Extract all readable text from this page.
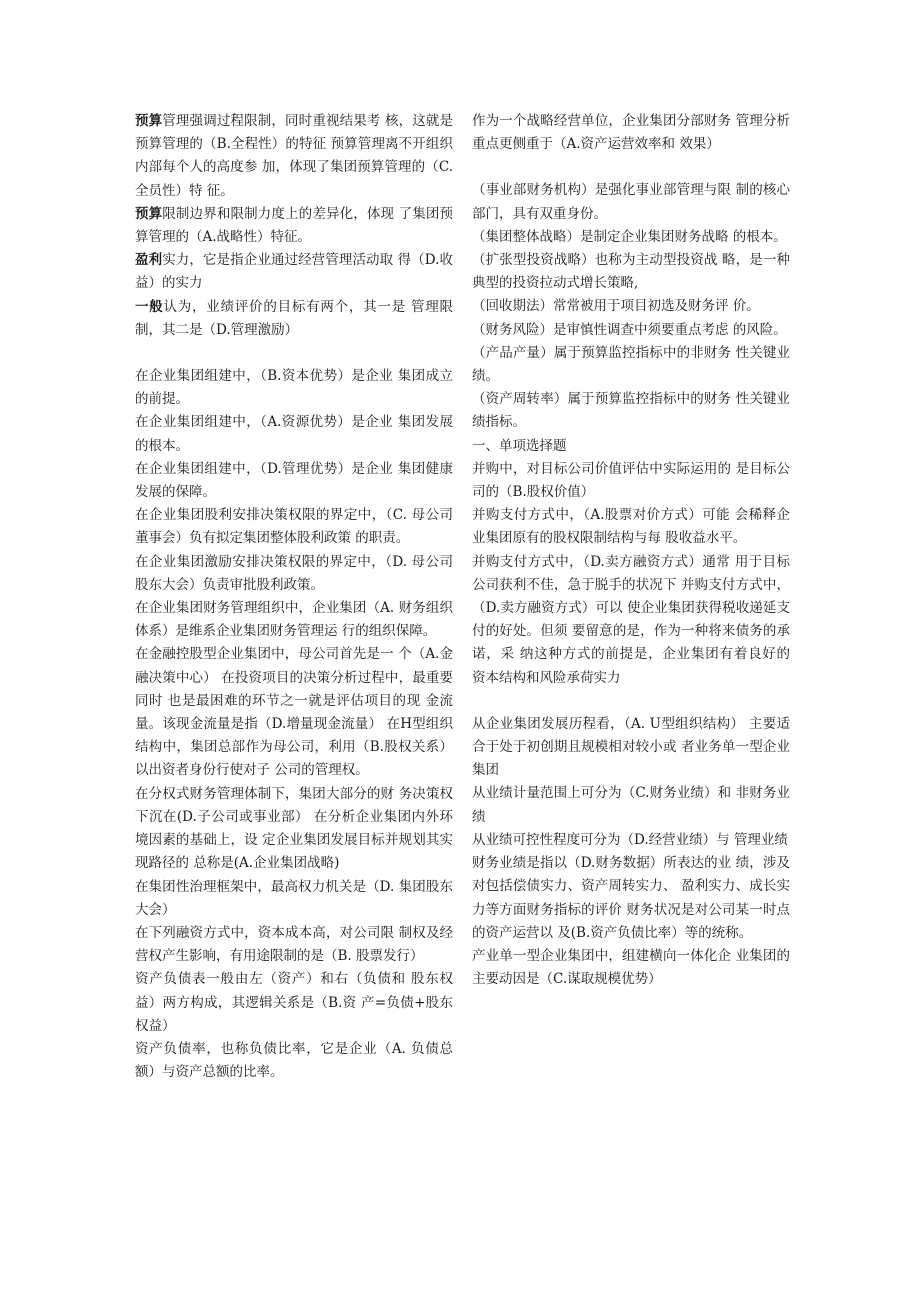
预算管理强调过程限制，同时重视结果考 核，这就是预算管理的（B.全程性）的特征 预算管理离不开组织内部每个人的高度参 加，体现了集团预算管理的（C.全员性）特 征。

预算限制边界和限制力度上的差异化，体现 了集团预算管理的（A.战略性）特征。

盈利实力，它是指企业通过经营管理活动取 得（D.收益）的实力

一般认为，业绩评价的目标有两个，其一是 管理限制，其二是（D.管理激励）

在企业集团组建中，（B.资本优势）是企业 集团成立的前提。

在企业集团组建中，（A.资源优势）是企业 集团发展的根本。

在企业集团组建中，（D.管理优势）是企业 集团健康发展的保障。

在企业集团股利安排决策权限的界定中，（C. 母公司董事会）负有拟定集团整体股利政策 的职责。

在企业集团激励安排决策权限的界定中，（D. 母公司股东大会）负责审批股利政策。

在企业集团财务管理组织中，企业集团（A. 财务组织体系）是维系企业集团财务管理运 行的组织保障。

在金融控股型企业集团中，母公司首先是一 个（A.金融决策中心） 在投资项目的决策分析过程中，最重要同时 也是最困难的环节之一就是评估项目的现 金流量。该现金流量是指（D.增量现金流量） 在H型组织结构中，集团总部作为母公司，利用（B.股权关系）以出资者身份行使对子 公司的管理权。

在分权式财务管理体制下，集团大部分的财 务决策权下沉在(D.子公司或事业部） 在分析企业集团内外环境因素的基础上，设 定企业集团发展目标并规划其实现路径的 总称是(A.企业集团战略)

在集团性治理框架中，最高权力机关是（D. 集团股东大会）

在下列融资方式中，资本成本高，对公司限 制权及经营权产生影响，有用途限制的是（B. 股票发行）

资产负债表一般由左（资产）和右（负债和 股东权益）两方构成，其逻辑关系是（B.资 产=负债+股东权益）

资产负债率，也称负债比率，它是企业（A. 负债总额）与资产总额的比率。

作为一个战略经营单位，企业集团分部财务 管理分析重点更侧重于（A.资产运营效率和 效果）

（事业部财务机构）是强化事业部管理与限 制的核心部门，具有双重身份。

（集团整体战略）是制定企业集团财务战略 的根本。

（扩张型投资战略）也称为主动型投资战 略，是一种典型的投资拉动式增长策略,

（回收期法）常常被用于项目初选及财务评 价。

（财务风险）是审慎性调查中须要重点考虑 的风险。

（产品产量）属于预算监控指标中的非财务 性关键业绩。

（资产周转率）属于预算监控指标中的财务 性关键业绩指标。

一、单项选择题

并购中，对目标公司价值评估中实际运用的 是目标公司的（B.股权价值）

并购支付方式中，（A.股票对价方式）可能 会稀释企业集团原有的股权限制结构与每 股收益水平。

并购支付方式中，（D.卖方融资方式）通常 用于目标公司获利不佳，急于脱手的状况下 并购支付方式中，（D.卖方融资方式）可以 使企业集团获得税收递延支付的好处。但须 要留意的是，作为一种将来债务的承诺，采 纳这种方式的前提是，企业集团有着良好的 资本结构和风险承荷实力

从企业集团发展历程看，（A. U型组织结构） 主要适合于处于初创期且规模相对较小或 者业务单一型企业集团

从业绩计量范围上可分为（C.财务业绩）和 非财务业绩

从业绩可控性程度可分为（D.经营业绩）与 管理业绩

财务业绩是指以（D.财务数据）所表达的业 绩，涉及对包括偿债实力、资产周转实力、 盈利实力、成长实力等方面财务指标的评价 财务状况是对公司某一时点的资产运营以 及(B.资产负债比率）等的统称。

产业单一型企业集团中，组建横向一体化企 业集团的主要动因是（C.谋取规模优势）
